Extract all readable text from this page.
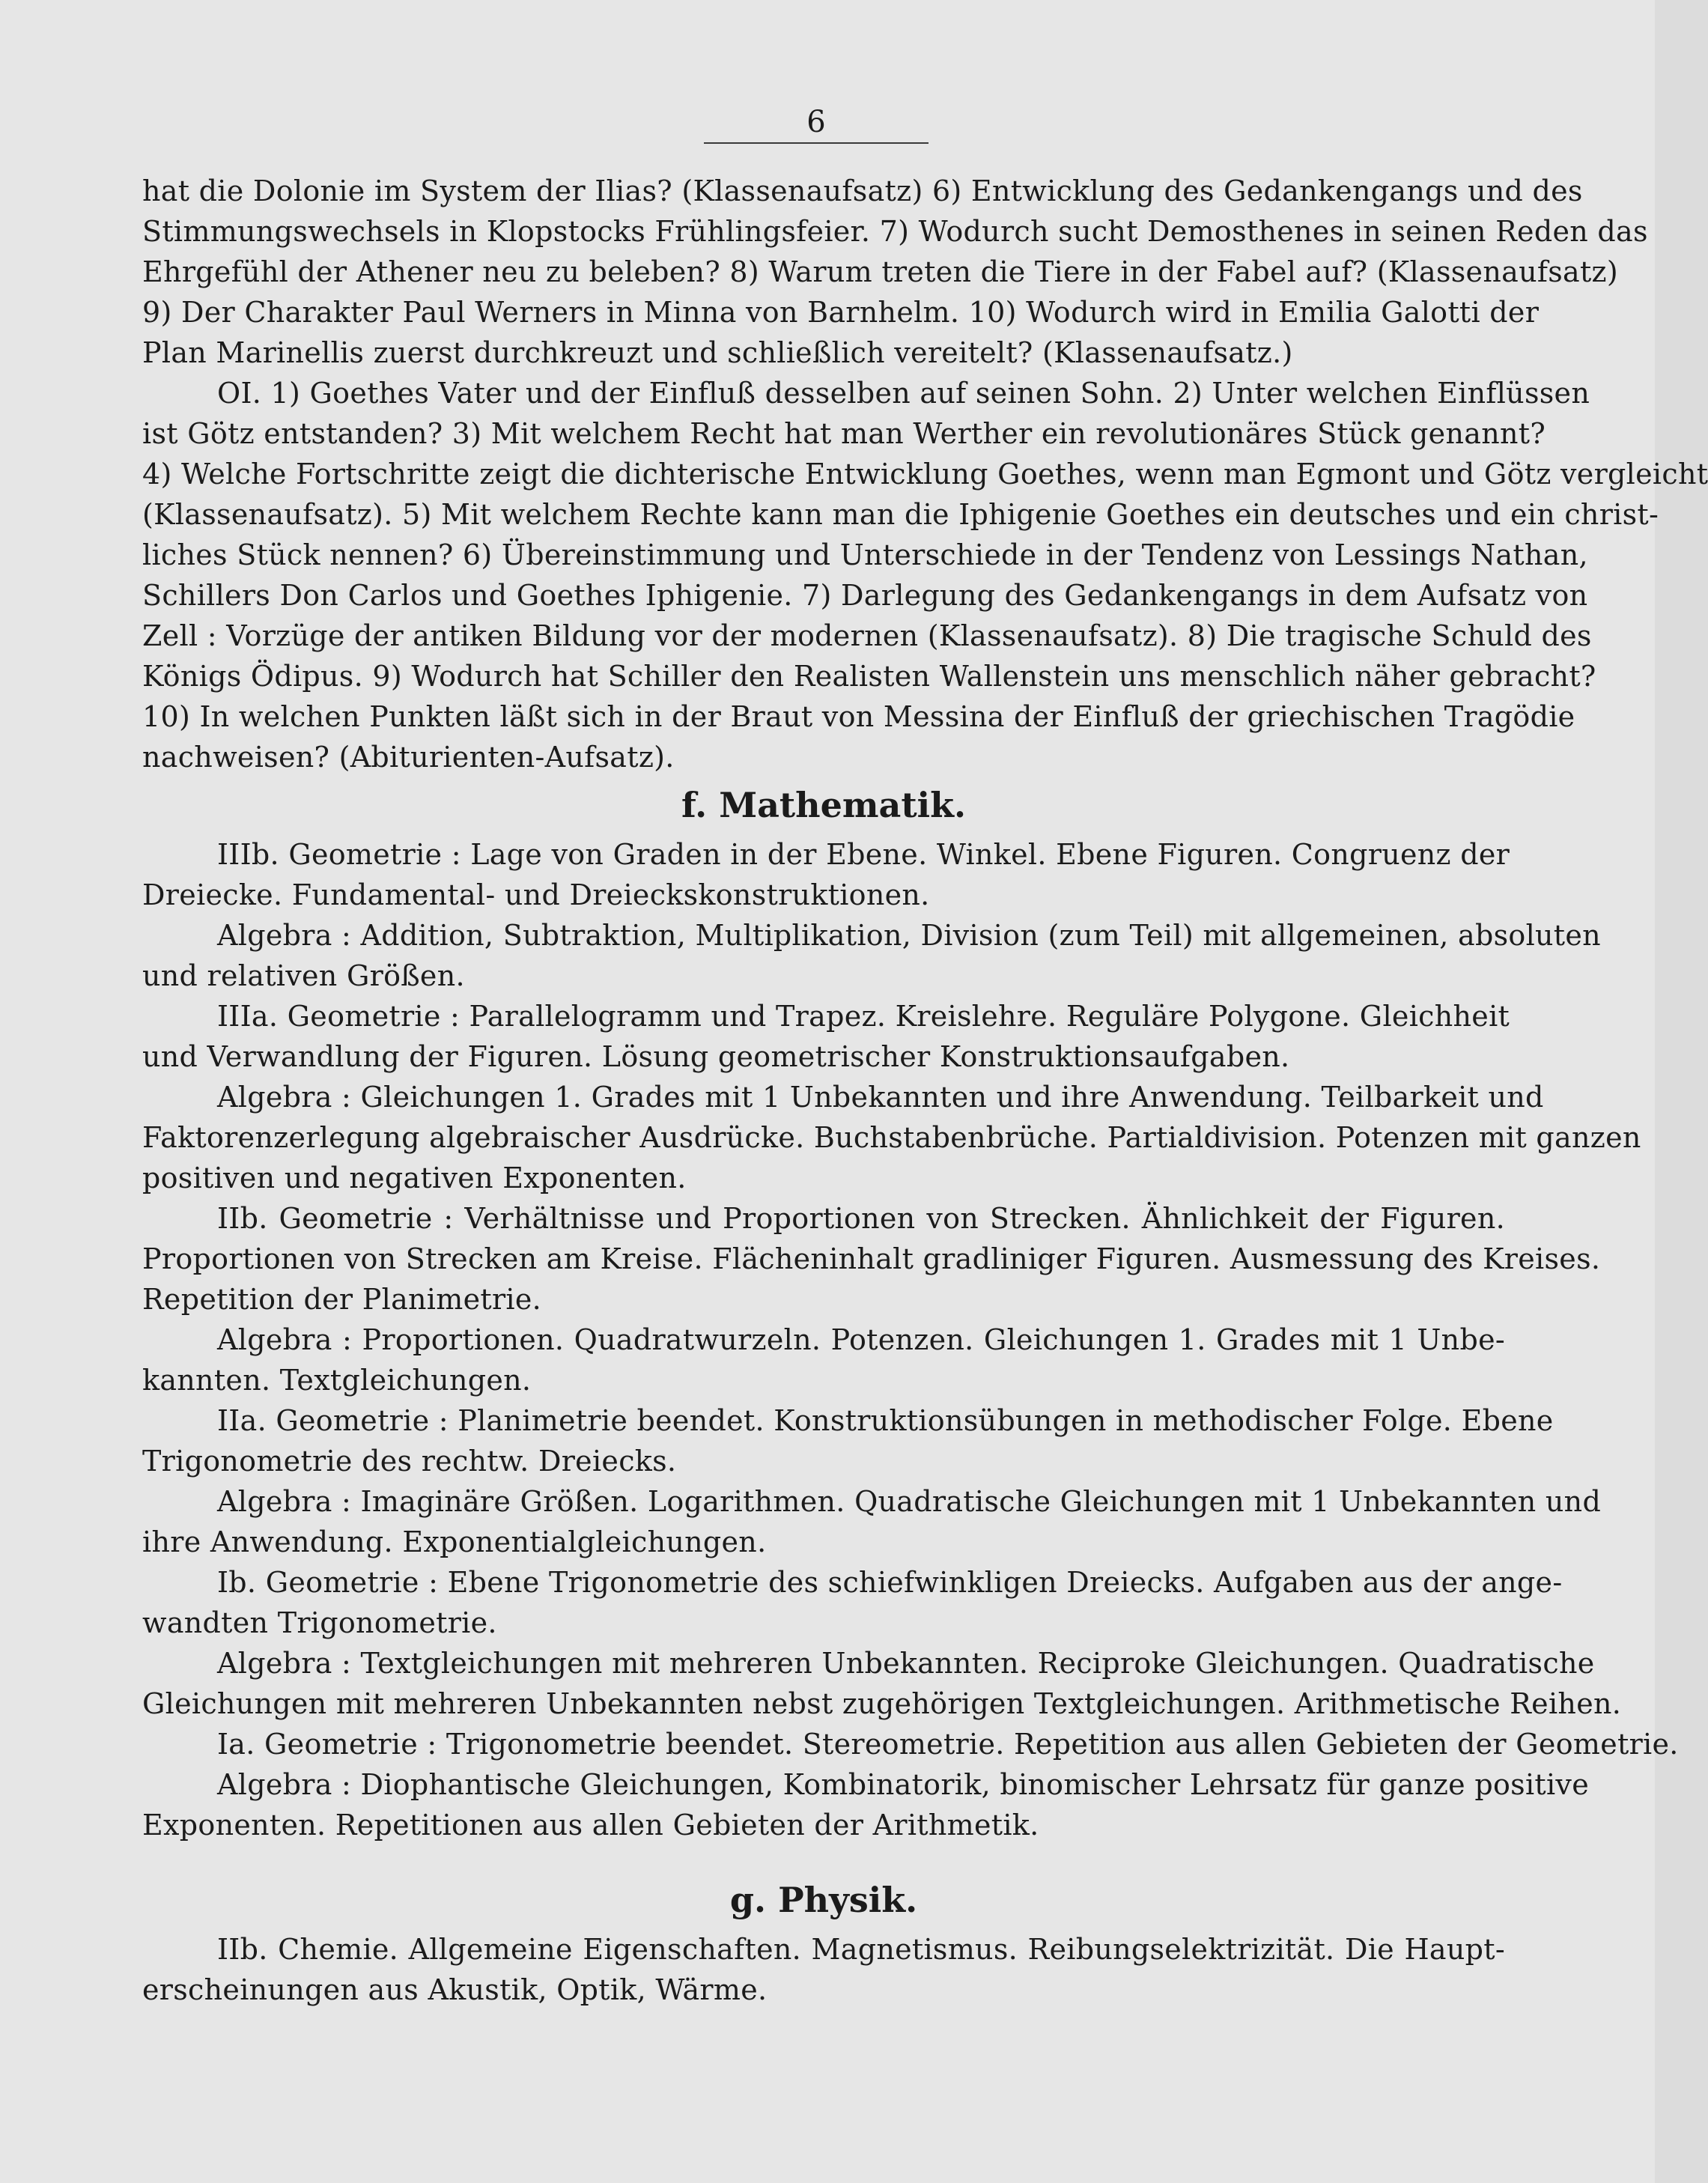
6
hat die Dolonie im System der Ilias? (Klassenaufsatz) 6) Entwicklung des Gedankengangs und des
Stimmungswechsels in Klopstocks Frühlingsfeier. 7) Wodurch sucht Demosthenes in seinen Reden das
Ehrgefühl der Athener neu zu beleben? 8) Warum treten die Tiere in der Fabel auf? (Klassenaufsatz)
9) Der Charakter Paul Werners in Minna von Barnhelm. 10) Wodurch wird in Emilia Galotti der
Plan Marinellis zuerst durchkreuzt und schließlich vereitelt? (Klassenaufsatz.)
OI. 1) Goethes Vater und der Einfluß desselben auf seinen Sohn. 2) Unter welchen Einflüssen
ist Götz entstanden? 3) Mit welchem Recht hat man Werther ein revolutionäres Stück genannt?
4) Welche Fortschritte zeigt die dichterische Entwicklung Goethes, wenn man Egmont und Götz vergleicht
(Klassenaufsatz). 5) Mit welchem Rechte kann man die Iphigenie Goethes ein deutsches und ein christ-
liches Stück nennen? 6) Übereinstimmung und Unterschiede in der Tendenz von Lessings Nathan,
Schillers Don Carlos und Goethes Iphigenie. 7) Darlegung des Gedankengangs in dem Aufsatz von
Zell : Vorzüge der antiken Bildung vor der modernen (Klassenaufsatz). 8) Die tragische Schuld des
Königs Ödipus. 9) Wodurch hat Schiller den Realisten Wallenstein uns menschlich näher gebracht?
10) In welchen Punkten läßt sich in der Braut von Messina der Einfluß der griechischen Tragödie
nachweisen? (Abiturienten-Aufsatz).
f. Mathematik.
IIIb. Geometrie : Lage von Graden in der Ebene. Winkel. Ebene Figuren. Congruenz der
Dreiecke. Fundamental- und Dreieckskonstruktionen.
Algebra : Addition, Subtraktion, Multiplikation, Division (zum Teil) mit allgemeinen, absoluten
und relativen Größen.
IIIa. Geometrie : Parallelogramm und Trapez. Kreislehre. Reguläre Polygone. Gleichheit
und Verwandlung der Figuren. Lösung geometrischer Konstruktionsaufgaben.
Algebra : Gleichungen 1. Grades mit 1 Unbekannten und ihre Anwendung. Teilbarkeit und
Faktorenzerlegung algebraischer Ausdrücke. Buchstabenbrüche. Partialdivision. Potenzen mit ganzen
positiven und negativen Exponenten.
IIb. Geometrie : Verhältnisse und Proportionen von Strecken. Ähnlichkeit der Figuren.
Proportionen von Strecken am Kreise. Flächeninhalt gradliniger Figuren. Ausmessung des Kreises.
Repetition der Planimetrie.
Algebra : Proportionen. Quadratwurzeln. Potenzen. Gleichungen 1. Grades mit 1 Unbe-
kannten. Textgleichungen.
IIa. Geometrie : Planimetrie beendet. Konstruktionsübungen in methodischer Folge. Ebene
Trigonometrie des rechtw. Dreiecks.
Algebra : Imaginäre Größen. Logarithmen. Quadratische Gleichungen mit 1 Unbekannten und
ihre Anwendung. Exponentialgleichungen.
Ib. Geometrie : Ebene Trigonometrie des schiefwinkligen Dreiecks. Aufgaben aus der ange-
wandten Trigonometrie.
Algebra : Textgleichungen mit mehreren Unbekannten. Reciproke Gleichungen. Quadratische
Gleichungen mit mehreren Unbekannten nebst zugehörigen Textgleichungen. Arithmetische Reihen.
Ia. Geometrie : Trigonometrie beendet. Stereometrie. Repetition aus allen Gebieten der Geometrie.
Algebra : Diophantische Gleichungen, Kombinatorik, binomischer Lehrsatz für ganze positive
Exponenten. Repetitionen aus allen Gebieten der Arithmetik.
g. Physik.
IIb. Chemie. Allgemeine Eigenschaften. Magnetismus. Reibungselektrizität. Die Haupt-
erscheinungen aus Akustik, Optik, Wärme.
